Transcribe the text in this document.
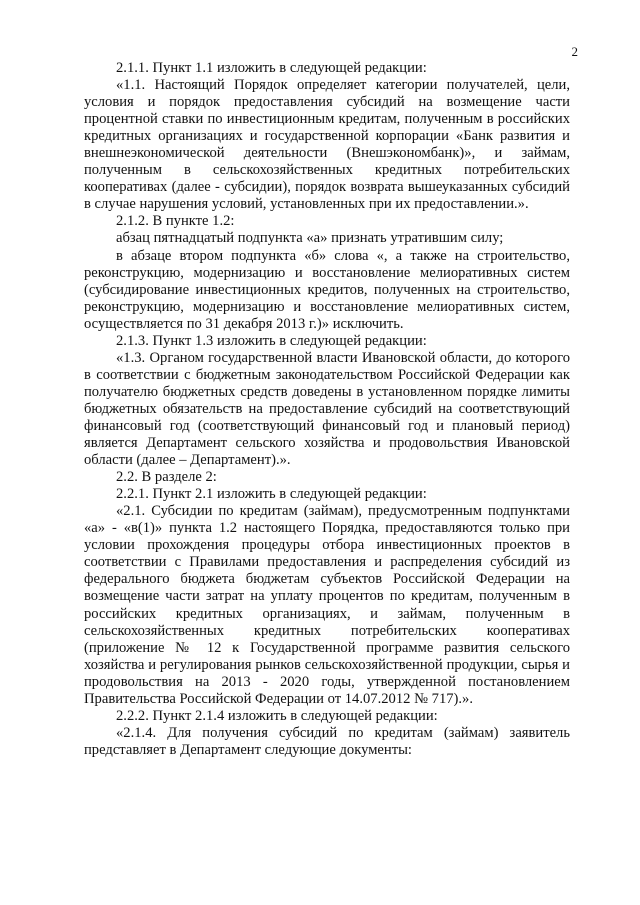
2

2.1.1. Пункт 1.1 изложить в следующей редакции:

«1.1. Настоящий Порядок определяет категории получателей, цели, условия и порядок предоставления субсидий на возмещение части процентной ставки по инвестиционным кредитам, полученным в российских кредитных организациях и государственной корпорации «Банк развития и внешнеэкономической деятельности (Внешэкономбанк)», и займам, полученным в сельскохозяйственных кредитных потребительских кооперативах (далее - субсидии), порядок возврата вышеуказанных субсидий в случае нарушения условий, установленных при их предоставлении.».

2.1.2. В пункте 1.2:

абзац пятнадцатый подпункта «а» признать утратившим силу;

в абзаце втором подпункта «б» слова «, а также на строительство, реконструкцию, модернизацию и восстановление мелиоративных систем (субсидирование инвестиционных кредитов, полученных на строительство, реконструкцию, модернизацию и восстановление мелиоративных систем, осуществляется по 31 декабря 2013 г.)» исключить.

2.1.3. Пункт 1.3 изложить в следующей редакции:

«1.3. Органом государственной власти Ивановской области, до которого в соответствии с бюджетным законодательством Российской Федерации как получателю бюджетных средств доведены в установленном порядке лимиты бюджетных обязательств на предоставление субсидий на соответствующий финансовый год (соответствующий финансовый год и плановый период) является Департамент сельского хозяйства и продовольствия Ивановской области (далее – Департамент).».

2.2. В разделе 2:

2.2.1. Пункт 2.1 изложить в следующей редакции:

«2.1. Субсидии по кредитам (займам), предусмотренным подпунктами «а» - «в(1)» пункта 1.2 настоящего Порядка, предоставляются только при условии прохождения процедуры отбора инвестиционных проектов в соответствии с Правилами предоставления и распределения субсидий из федерального бюджета бюджетам субъектов Российской Федерации на возмещение части затрат на уплату процентов по кредитам, полученным в российских кредитных организациях, и займам, полученным в сельскохозяйственных кредитных потребительских кооперативах (приложение № 12 к Государственной программе развития сельского хозяйства и регулирования рынков сельскохозяйственной продукции, сырья и продовольствия на 2013 - 2020 годы, утвержденной постановлением Правительства Российской Федерации от 14.07.2012 № 717).».

2.2.2. Пункт 2.1.4 изложить в следующей редакции:

«2.1.4. Для получения субсидий по кредитам (займам) заявитель представляет в Департамент следующие документы:
